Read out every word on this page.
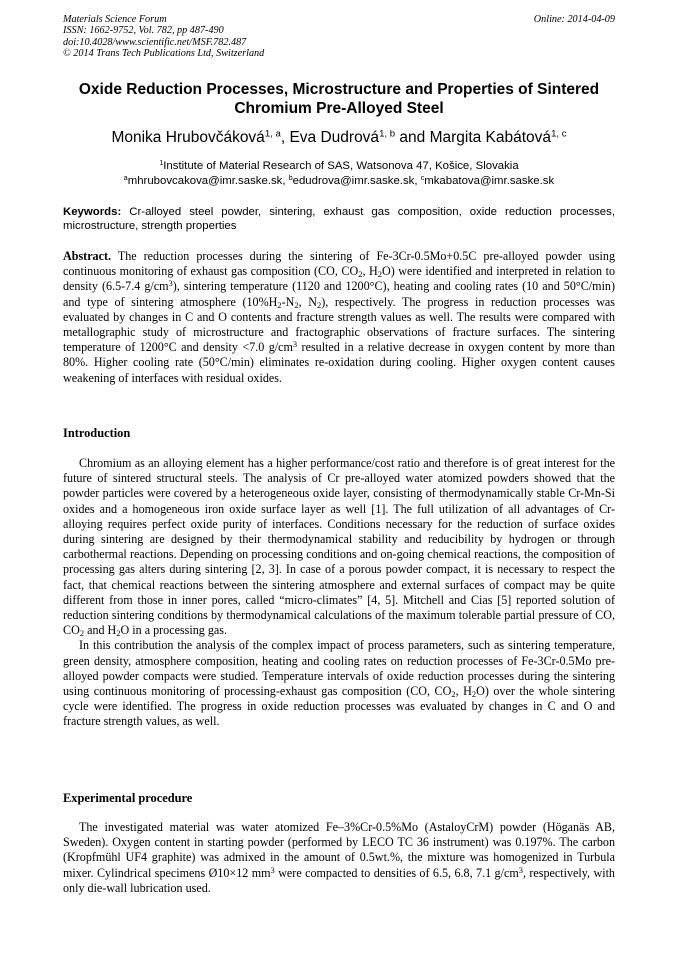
Materials Science Forum
ISSN: 1662-9752, Vol. 782, pp 487-490
doi:10.4028/www.scientific.net/MSF.782.487
© 2014 Trans Tech Publications Ltd, Switzerland
Online: 2014-04-09
Oxide Reduction Processes, Microstructure and Properties of Sintered
Chromium Pre-Alloyed Steel
Monika Hrubovčáková$^{1, a}$, Eva Dudrová$^{1, b}$ and Margita Kabátová$^{1, c}$
$^1$Institute of Material Research of SAS, Watsonova 47, Košice, Slovakia
$^a$mhrubovcakova@imr.saske.sk, $^b$edudrova@imr.saske.sk, $^c$mkabatova@imr.saske.sk
Keywords: Cr-alloyed steel powder, sintering, exhaust gas composition, oxide reduction processes, microstructure, strength properties
Abstract. The reduction processes during the sintering of Fe-3Cr-0.5Mo+0.5C pre-alloyed powder using continuous monitoring of exhaust gas composition (CO, $CO_2$, $H_2O$) were identified and interpreted in relation to density (6.5-7.4 $g/cm^3$), sintering temperature (1120 and 1200°C), heating and cooling rates (10 and 50°C/min) and type of sintering atmosphere ($10\%H_2-N_2$, $N_2$), respectively. The progress in reduction processes was evaluated by changes in C and O contents and fracture strength values as well. The results were compared with metallographic study of microstructure and fractographic observations of fracture surfaces. The sintering temperature of 1200°C and density <7.0 $g/cm^3$ resulted in a relative decrease in oxygen content by more than 80%. Higher cooling rate (50°C/min) eliminates re-oxidation during cooling. Higher oxygen content causes weakening of interfaces with residual oxides.
Introduction

Chromium as an alloying element has a higher performance/cost ratio and therefore is of great interest for the future of sintered structural steels. The analysis of Cr pre-alloyed water atomized powders showed that the powder particles were covered by a heterogeneous oxide layer, consisting of thermodynamically stable Cr-Mn-Si oxides and a homogeneous iron oxide surface layer as well [1]. The full utilization of all advantages of Cr-alloying requires perfect oxide purity of interfaces. Conditions necessary for the reduction of surface oxides during sintering are designed by their thermodynamical stability and reducibility by hydrogen or through carbothermal reactions. Depending on processing conditions and on-going chemical reactions, the composition of processing gas alters during sintering [2, 3]. In case of a porous powder compact, it is necessary to respect the fact, that chemical reactions between the sintering atmosphere and external surfaces of compact may be quite different from those in inner pores, called “micro-climates” [4, 5]. Mitchell and Cias [5] reported solution of reduction sintering conditions by thermodynamical calculations of the maximum tolerable partial pressure of CO, $CO_2$ and $H_2O$ in a processing gas.

In this contribution the analysis of the complex impact of process parameters, such as sintering temperature, green density, atmosphere composition, heating and cooling rates on reduction processes of Fe-3Cr-0.5Mo pre-alloyed powder compacts were studied. Temperature intervals of oxide reduction processes during the sintering using continuous monitoring of processing-exhaust gas composition (CO, $CO_2$, $H_2O$) over the whole sintering cycle were identified. The progress in oxide reduction processes was evaluated by changes in C and O and fracture strength values, as well.

Experimental procedure

The investigated material was water atomized Fe–3%Cr-0.5%Mo (AstaloyCrM) powder (Höganäs AB, Sweden). Oxygen content in starting powder (performed by LECO TC 36 instrument) was 0.197%. The carbon (Kropfmühl UF4 graphite) was admixed in the amount of 0.5wt.%, the mixture was homogenized in Turbula mixer. Cylindrical specimens Ø10×12 $mm^3$ were compacted to densities of 6.5, 6.8, 7.1 $g/cm^3$, respectively, with only die-wall lubrication used.
